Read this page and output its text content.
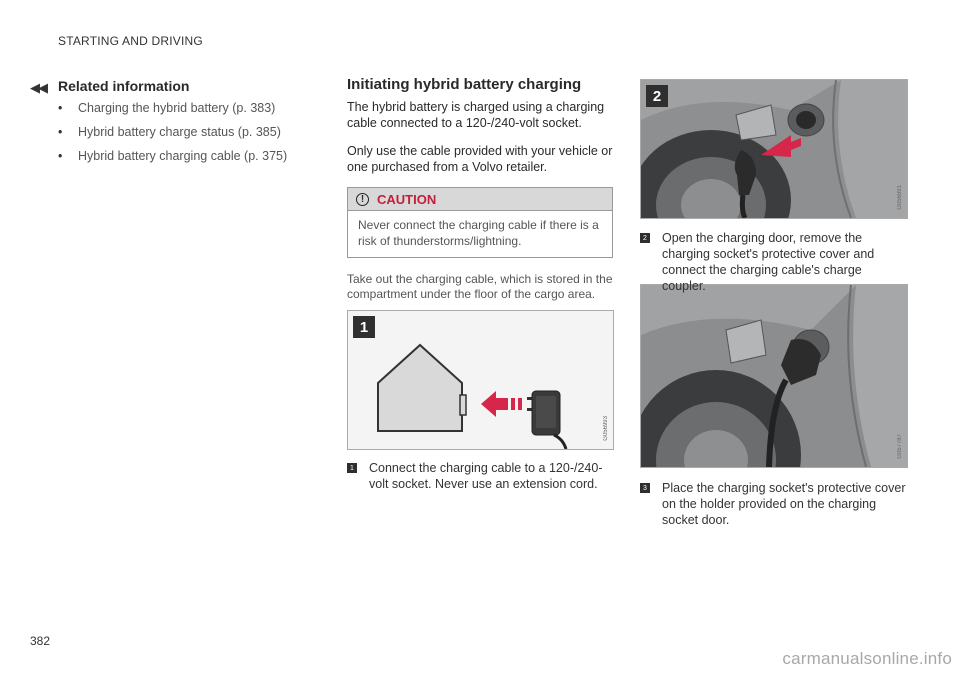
STARTING AND DRIVING
◀◀ Related information
• Charging the hybrid battery (p. 383)
• Hybrid battery charge status (p. 385)
• Hybrid battery charging cable (p. 375)
Initiating hybrid battery charging

The hybrid battery is charged using a charging cable connected to a 120-/240-volt socket.

Only use the cable provided with your vehicle or one purchased from a Volvo retailer.

! CAUTION
Never connect the charging cable if there is a risk of thunderstorms/lightning.
Take out the charging cable, which is stored in the compartment under the floor of the cargo area.
1
G056993
2
G056991
G057787
1 Connect the charging cable to a 120-/240-volt socket. Never use an extension cord.
2 Open the charging door, remove the charging socket's protective cover and connect the charging cable's charge coupler.
3 Place the charging socket's protective cover on the holder provided on the charging socket door.
382
carmanualsonline.info
